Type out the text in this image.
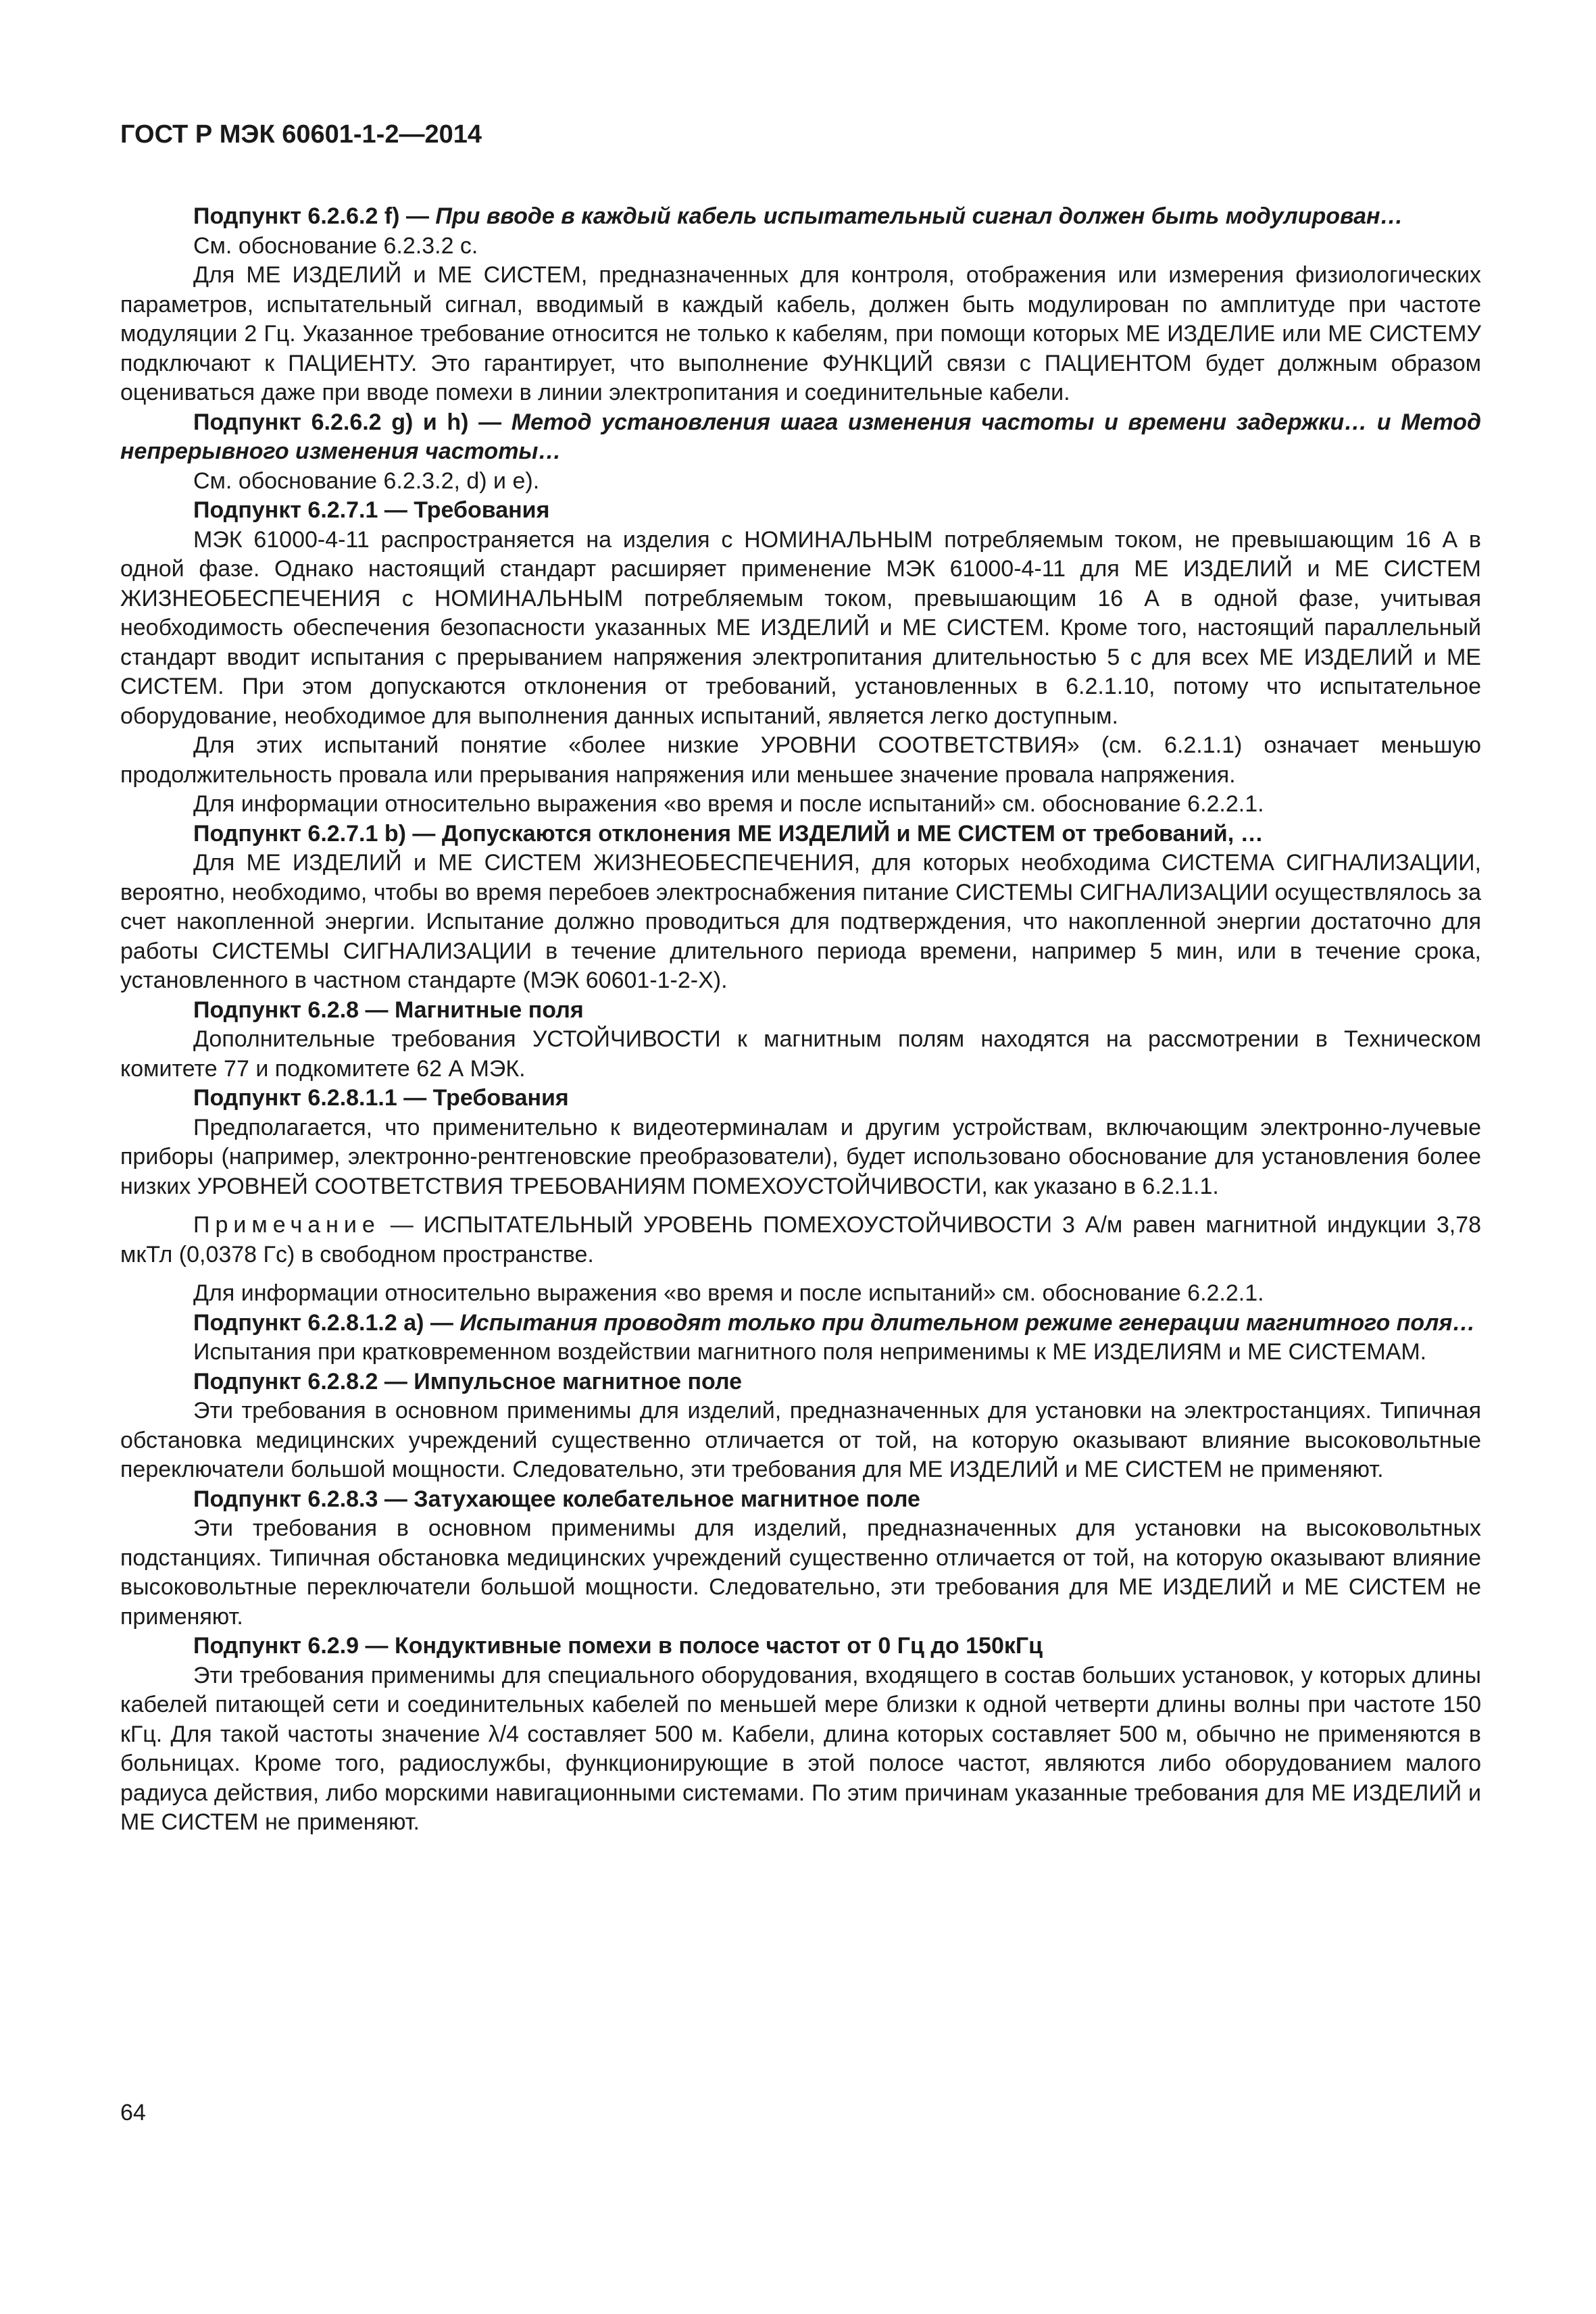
ГОСТ Р МЭК 60601-1-2—2014

Подпункт 6.2.6.2 f) — При вводе в каждый кабель испытательный сигнал должен быть модулирован…

См. обоснование 6.2.3.2 с.

Для МЕ ИЗДЕЛИЙ и МЕ СИСТЕМ, предназначенных для контроля, отображения или измерения физиологических параметров, испытательный сигнал, вводимый в каждый кабель, должен быть модулирован по амплитуде при частоте модуляции 2 Гц. Указанное требование относится не только к кабелям, при помощи которых МЕ ИЗДЕЛИЕ или МЕ СИСТЕМУ подключают к ПАЦИЕНТУ. Это гарантирует, что выполнение ФУНКЦИЙ связи с ПАЦИЕНТОМ будет должным образом оцениваться даже при вводе помехи в линии электропитания и соединительные кабели.

Подпункт 6.2.6.2 g) и h) — Метод установления шага изменения частоты и времени задержки… и Метод непрерывного изменения частоты…

См. обоснование 6.2.3.2, d) и е).

Подпункт 6.2.7.1 — Требования

МЭК 61000-4-11 распространяется на изделия с НОМИНАЛЬНЫМ потребляемым током, не превышающим 16 А в одной фазе. Однако настоящий стандарт расширяет применение МЭК 61000-4-11 для МЕ ИЗДЕЛИЙ и МЕ СИСТЕМ ЖИЗНЕОБЕСПЕЧЕНИЯ с НОМИНАЛЬНЫМ потребляемым током, превышающим 16 А в одной фазе, учитывая необходимость обеспечения безопасности указанных МЕ ИЗДЕЛИЙ и МЕ СИСТЕМ. Кроме того, настоящий параллельный стандарт вводит испытания с прерыванием напряжения электропитания длительностью 5 с для всех МЕ ИЗДЕЛИЙ и МЕ СИСТЕМ. При этом допускаются отклонения от требований, установленных в 6.2.1.10, потому что испытательное оборудование, необходимое для выполнения данных испытаний, является легко доступным.

Для этих испытаний понятие «более низкие УРОВНИ СООТВЕТСТВИЯ» (см. 6.2.1.1) означает меньшую продолжительность провала или прерывания напряжения или меньшее значение провала напряжения.

Для информации относительно выражения «во время и после испытаний» см. обоснование 6.2.2.1.

Подпункт 6.2.7.1 b) — Допускаются отклонения МЕ ИЗДЕЛИЙ и МЕ СИСТЕМ от требований, …

Для МЕ ИЗДЕЛИЙ и МЕ СИСТЕМ ЖИЗНЕОБЕСПЕЧЕНИЯ, для которых необходима СИСТЕМА СИГНАЛИЗАЦИИ, вероятно, необходимо, чтобы во время перебоев электроснабжения питание СИСТЕМЫ СИГНАЛИЗАЦИИ осуществлялось за счет накопленной энергии. Испытание должно проводиться для подтверждения, что накопленной энергии достаточно для работы СИСТЕМЫ СИГНАЛИЗАЦИИ в течение длительного периода времени, например 5 мин, или в течение срока, установленного в частном стандарте (МЭК 60601-1-2-Х).

Подпункт 6.2.8 — Магнитные поля

Дополнительные требования УСТОЙЧИВОСТИ к магнитным полям находятся на рассмотрении в Техническом комитете 77 и подкомитете 62 А МЭК.

Подпункт 6.2.8.1.1 — Требования

Предполагается, что применительно к видеотерминалам и другим устройствам, включающим электронно-лучевые приборы (например, электронно-рентгеновские преобразователи), будет использовано обоснование для установления более низких УРОВНЕЙ СООТВЕТСТВИЯ ТРЕБОВАНИЯМ ПОМЕХОУСТОЙЧИВОСТИ, как указано в 6.2.1.1.

Примечание — ИСПЫТАТЕЛЬНЫЙ УРОВЕНЬ ПОМЕХОУСТОЙЧИВОСТИ 3 А/м равен магнитной индукции 3,78 мкТл (0,0378 Гс) в свободном пространстве.

Для информации относительно выражения «во время и после испытаний» см. обоснование 6.2.2.1.

Подпункт 6.2.8.1.2 а) — Испытания проводят только при длительном режиме генерации магнитного поля…

Испытания при кратковременном воздействии магнитного поля неприменимы к МЕ ИЗДЕЛИЯМ и МЕ СИСТЕМАМ.

Подпункт 6.2.8.2 — Импульсное магнитное поле

Эти требования в основном применимы для изделий, предназначенных для установки на электростанциях. Типичная обстановка медицинских учреждений существенно отличается от той, на которую оказывают влияние высоковольтные переключатели большой мощности. Следовательно, эти требования для МЕ ИЗДЕЛИЙ и МЕ СИСТЕМ не применяют.

Подпункт 6.2.8.3 — Затухающее колебательное магнитное поле

Эти требования в основном применимы для изделий, предназначенных для установки на высоковольтных подстанциях. Типичная обстановка медицинских учреждений существенно отличается от той, на которую оказывают влияние высоковольтные переключатели большой мощности. Следовательно, эти требования для МЕ ИЗДЕЛИЙ и МЕ СИСТЕМ не применяют.

Подпункт 6.2.9 — Кондуктивные помехи в полосе частот от 0 Гц до 150кГц

Эти требования применимы для специального оборудования, входящего в состав больших установок, у которых длины кабелей питающей сети и соединительных кабелей по меньшей мере близки к одной четверти длины волны при частоте 150 кГц. Для такой частоты значение λ/4 составляет 500 м. Кабели, длина которых составляет 500 м, обычно не применяются в больницах. Кроме того, радиослужбы, функционирующие в этой полосе частот, являются либо оборудованием малого радиуса действия, либо морскими навигационными системами. По этим причинам указанные требования для МЕ ИЗДЕЛИЙ и МЕ СИСТЕМ не применяют.

64
